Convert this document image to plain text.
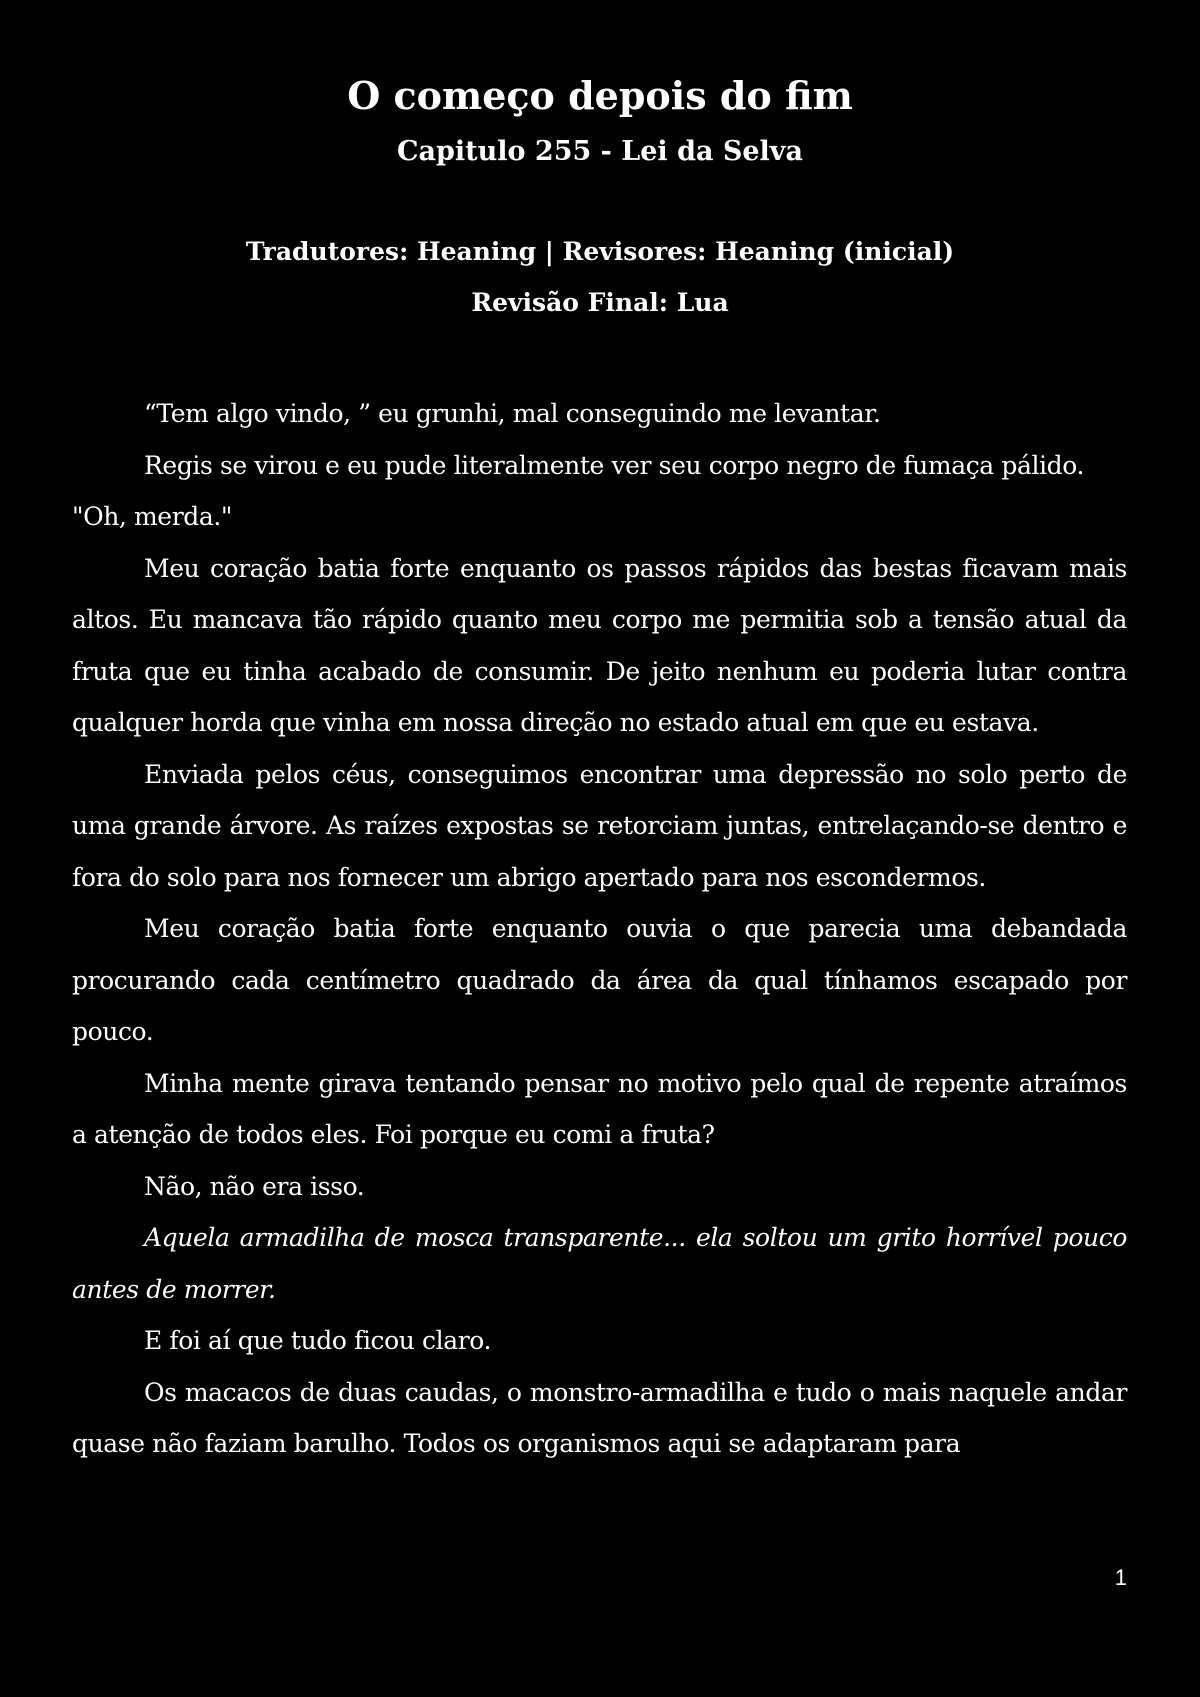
O começo depois do fim
Capitulo 255 - Lei da Selva
Tradutores: Heaning | Revisores: Heaning (inicial)
Revisão Final: Lua

“Tem algo vindo, ” eu grunhi, mal conseguindo me levantar.

Regis se virou e eu pude literalmente ver seu corpo negro de fumaça pálido.

"Oh, merda."

Meu coração batia forte enquanto os passos rápidos das bestas ficavam mais altos. Eu mancava tão rápido quanto meu corpo me permitia sob a tensão atual da fruta que eu tinha acabado de consumir. De jeito nenhum eu poderia lutar contra qualquer horda que vinha em nossa direção no estado atual em que eu estava.

Enviada pelos céus, conseguimos encontrar uma depressão no solo perto de uma grande árvore. As raízes expostas se retorciam juntas, entrelaçando-se dentro e fora do solo para nos fornecer um abrigo apertado para nos escondermos.

Meu coração batia forte enquanto ouvia o que parecia uma debandada procurando cada centímetro quadrado da área da qual tínhamos escapado por pouco.

Minha mente girava tentando pensar no motivo pelo qual de repente atraímos a atenção de todos eles. Foi porque eu comi a fruta?

Não, não era isso.

Aquela armadilha de mosca transparente... ela soltou um grito horrível pouco antes de morrer.

E foi aí que tudo ficou claro.

Os macacos de duas caudas, o monstro-armadilha e tudo o mais naquele andar quase não faziam barulho. Todos os organismos aqui se adaptaram para

1
